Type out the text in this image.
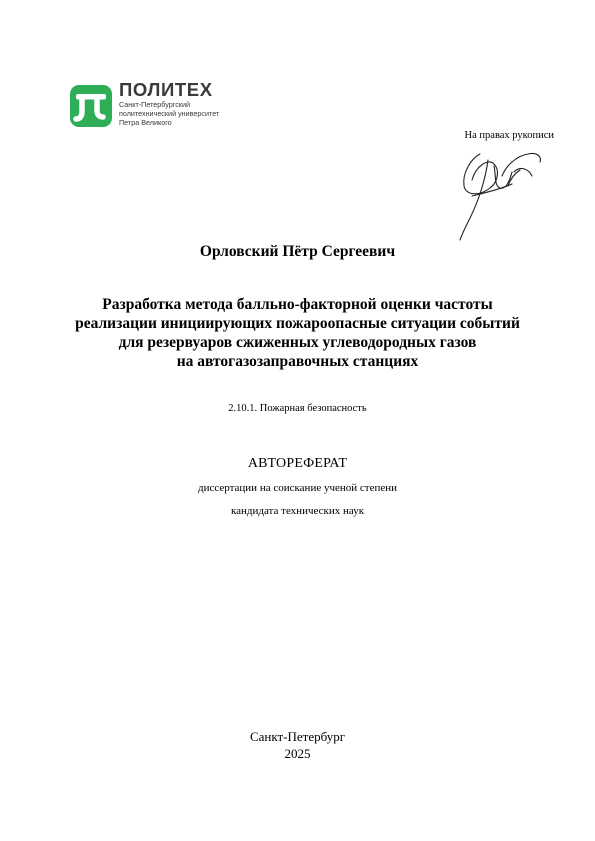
ПОЛИТЕХ
Санкт-Петербургский
политехнический университет
Петра Великого
На правах рукописи
Орловский Пётр Сергеевич
Разработка метода балльно-факторной оценки частоты
реализации инициирующих пожароопасные ситуации событий
для резервуаров сжиженных углеводородных газов
на автогазозаправочных станциях
2.10.1. Пожарная безопасность
АВТОРЕФЕРАТ
диссертации на соискание ученой степени
кандидата технических наук
Санкт-Петербург
2025
